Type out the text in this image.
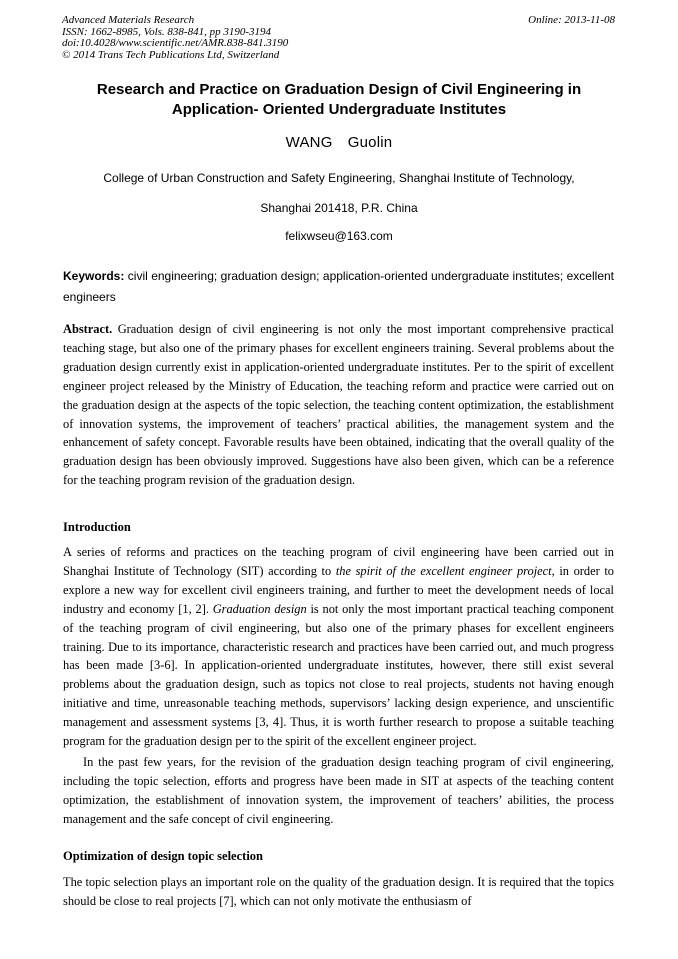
Advanced Materials Research
ISSN: 1662-8985, Vols. 838-841, pp 3190-3194
doi:10.4028/www.scientific.net/AMR.838-841.3190
© 2014 Trans Tech Publications Ltd, Switzerland
Online: 2013-11-08
Research and Practice on Graduation Design of Civil Engineering in
Application- Oriented Undergraduate Institutes
WANG Guolin
College of Urban Construction and Safety Engineering, Shanghai Institute of Technology,
Shanghai 201418, P.R. China
felixwseu@163.com
Keywords: civil engineering; graduation design; application-oriented undergraduate institutes; excellent engineers
Abstract. Graduation design of civil engineering is not only the most important comprehensive practical teaching stage, but also one of the primary phases for excellent engineers training. Several problems about the graduation design currently exist in application-oriented undergraduate institutes. Per to the spirit of excellent engineer project released by the Ministry of Education, the teaching reform and practice were carried out on the graduation design at the aspects of the topic selection, the teaching content optimization, the establishment of innovation systems, the improvement of teachers’ practical abilities, the management system and the enhancement of safety concept. Favorable results have been obtained, indicating that the overall quality of the graduation design has been obviously improved. Suggestions have also been given, which can be a reference for the teaching program revision of the graduation design.
Introduction
A series of reforms and practices on the teaching program of civil engineering have been carried out in Shanghai Institute of Technology (SIT) according to the spirit of the excellent engineer project, in order to explore a new way for excellent civil engineers training, and further to meet the development needs of local industry and economy [1, 2]. Graduation design is not only the most important practical teaching component of the teaching program of civil engineering, but also one of the primary phases for excellent engineers training. Due to its importance, characteristic research and practices have been carried out, and much progress has been made [3-6]. In application-oriented undergraduate institutes, however, there still exist several problems about the graduation design, such as topics not close to real projects, students not having enough initiative and time, unreasonable teaching methods, supervisors’ lacking design experience, and unscientific management and assessment systems [3, 4]. Thus, it is worth further research to propose a suitable teaching program for the graduation design per to the spirit of the excellent engineer project.
In the past few years, for the revision of the graduation design teaching program of civil engineering, including the topic selection, efforts and progress have been made in SIT at aspects of the teaching content optimization, the establishment of innovation system, the improvement of teachers’ abilities, the process management and the safe concept of civil engineering.
Optimization of design topic selection
The topic selection plays an important role on the quality of the graduation design. It is required that the topics should be close to real projects [7], which can not only motivate the enthusiasm of
